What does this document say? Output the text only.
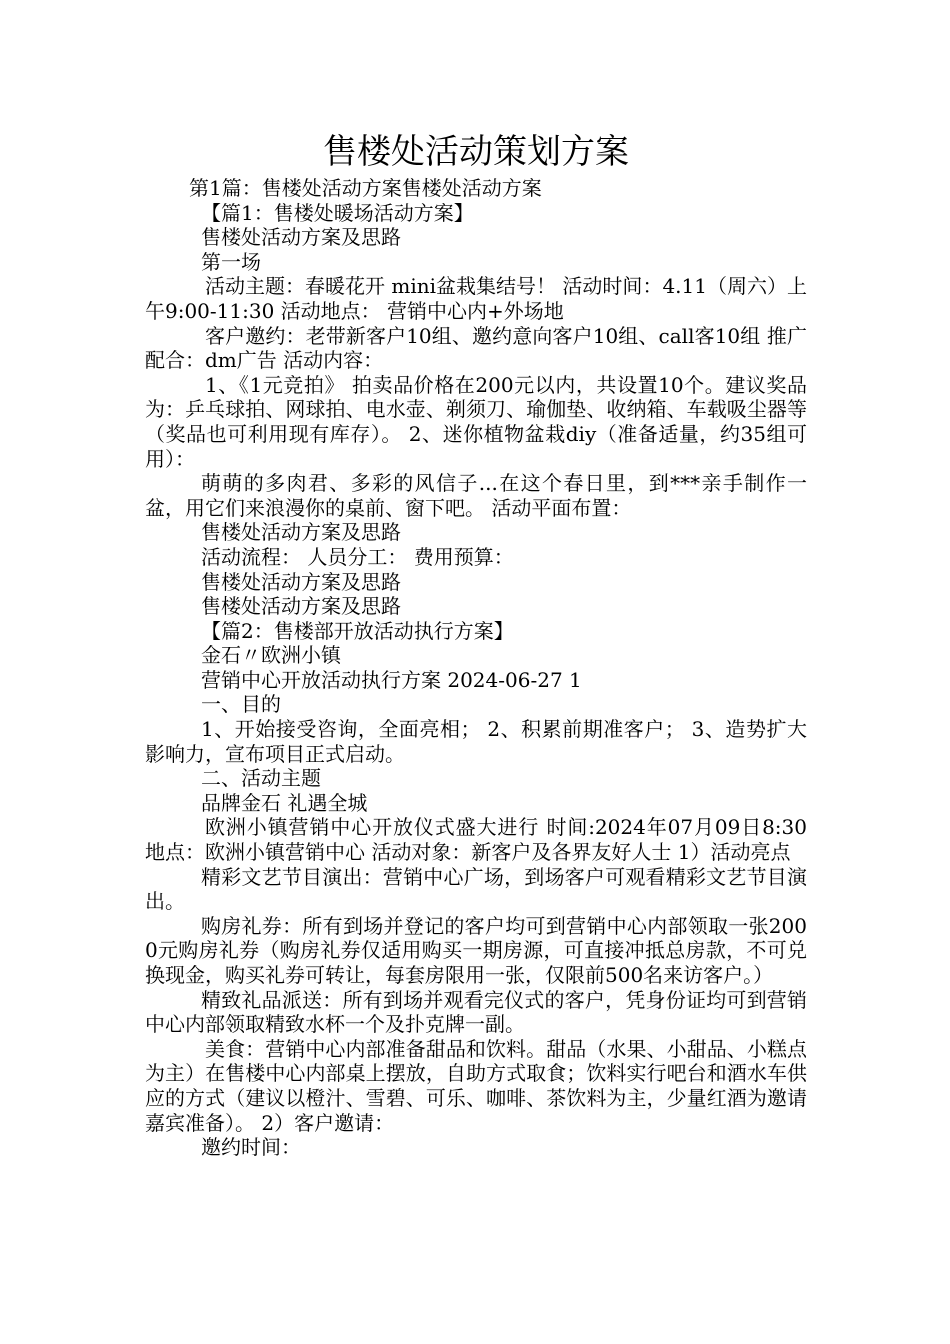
售楼处活动策划方案

第1篇：售楼处活动方案售楼处活动方案

【篇1：售楼处暖场活动方案】

售楼处活动方案及思路

第一场

活动主题：春暖花开 mini盆栽集结号！ 活动时间：4.11（周六）上午9:00-11:30 活动地点： 营销中心内+外场地

客户邀约：老带新客户10组、邀约意向客户10组、call客10组 推广配合：dm广告 活动内容：

1、《1元竞拍》 拍卖品价格在200元以内，共设置10个。建议奖品为：乒乓球拍、网球拍、电水壶、剃须刀、瑜伽垫、收纳箱、车载吸尘器等（奖品也可利用现有库存）。 2、迷你植物盆栽diy（准备适量，约35组可用）：

萌萌的多肉君、多彩的风信子...在这个春日里，到***亲手制作一盆，用它们来浪漫你的桌前、窗下吧。 活动平面布置：

售楼处活动方案及思路

活动流程： 人员分工： 费用预算：

售楼处活动方案及思路

售楼处活动方案及思路

【篇2：售楼部开放活动执行方案】

金石〃欧洲小镇

营销中心开放活动执行方案 2024-06-27 1

一、目的

1、开始接受咨询，全面亮相； 2、积累前期准客户； 3、造势扩大影响力，宣布项目正式启动。

二、活动主题

品牌金石 礼遇全城

欧洲小镇营销中心开放仪式盛大进行 时间:2024年07月09日8:30 地点：欧洲小镇营销中心 活动对象：新客户及各界友好人士 1）活动亮点

精彩文艺节目演出：营销中心广场，到场客户可观看精彩文艺节目演出。

购房礼券：所有到场并登记的客户均可到营销中心内部领取一张2000元购房礼券（购房礼券仅适用购买一期房源，可直接冲抵总房款，不可兑换现金，购买礼券可转让，每套房限用一张，仅限前500名来访客户。）

精致礼品派送：所有到场并观看完仪式的客户，凭身份证均可到营销中心内部领取精致水杯一个及扑克牌一副。

美食：营销中心内部准备甜品和饮料。甜品（水果、小甜品、小糕点为主）在售楼中心内部桌上摆放，自助方式取食；饮料实行吧台和酒水车供应的方式（建议以橙汁、雪碧、可乐、咖啡、茶饮料为主，少量红酒为邀请嘉宾准备）。 2）客户邀请：

邀约时间：
